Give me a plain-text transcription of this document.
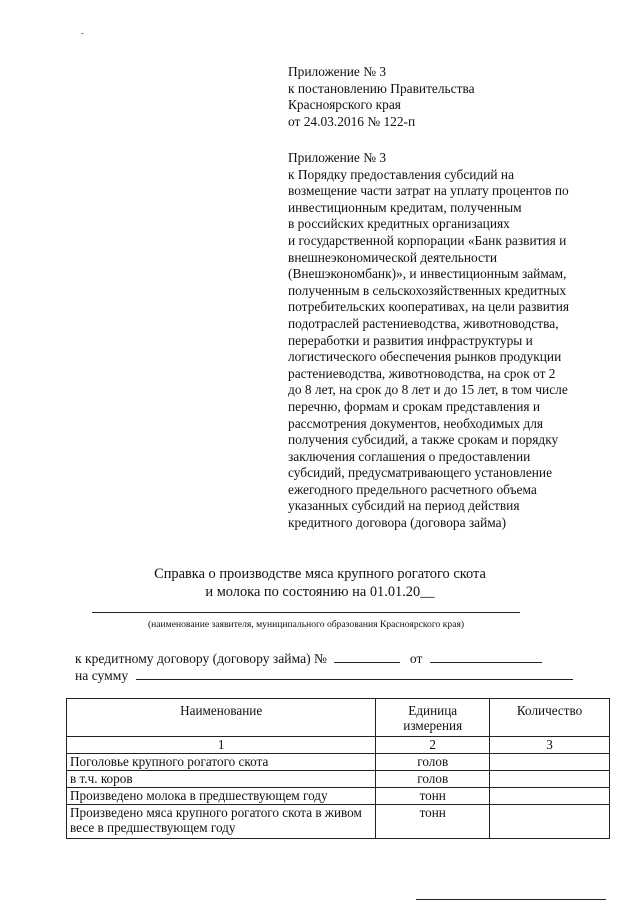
Приложение № 3
к постановлению Правительства
Красноярского края
от 24.03.2016 № 122-п
Приложение № 3
к Порядку предоставления субсидий на
возмещение части затрат на уплату процентов по
инвестиционным кредитам, полученным
в российских кредитных организациях
и государственной корпорации «Банк развития и
внешнеэкономической деятельности
(Внешэкономбанк)», и инвестиционным займам,
полученным в сельскохозяйственных кредитных
потребительских кооперативах, на цели развития
подотраслей растениеводства, животноводства,
переработки и развития инфраструктуры и
логистического обеспечения рынков продукции
растениеводства, животноводства, на срок от 2
до 8 лет, на срок до 8 лет и до 15 лет, в том числе
перечню, формам и срокам представления и
рассмотрения документов, необходимых для
получения субсидий, а также срокам и порядку
заключения соглашения о предоставлении
субсидий, предусматривающего установление
ежегодного предельного расчетного объема
указанных субсидий на период действия
кредитного договора (договора займа)
Справка о производстве мяса крупного рогатого скота
и молока по состоянию на 01.01.20__
(наименование заявителя, муниципального образования Красноярского края)
к кредитному договору (договору займа) №	от
на сумму
Наименование	Единица измерения	Количество
1	2	3
Поголовье крупного рогатого скота	голов	
в т.ч. коров	голов	
Произведено молока в предшествующем году	тонн	
Произведено мяса крупного рогатого скота в живом весе в предшествующем году	тонн	
